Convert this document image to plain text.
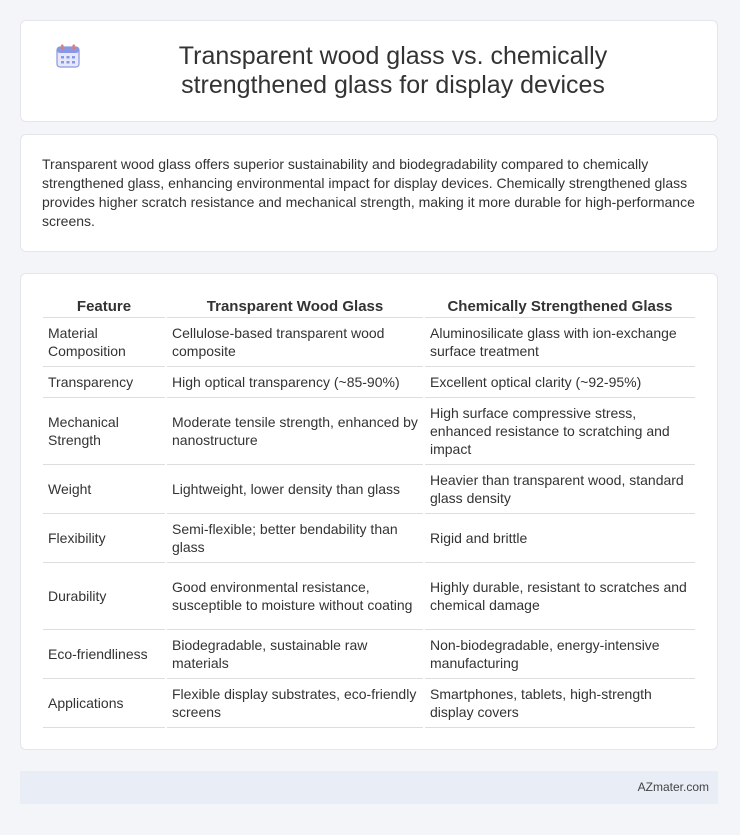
Transparent wood glass vs. chemically strengthened glass for display devices

Transparent wood glass offers superior sustainability and biodegradability compared to chemically strengthened glass, enhancing environmental impact for display devices. Chemically strengthened glass provides higher scratch resistance and mechanical strength, making it more durable for high-performance screens.

Feature	Transparent Wood Glass	Chemically Strengthened Glass
Material Composition	Cellulose-based transparent wood composite	Aluminosilicate glass with ion-exchange surface treatment
Transparency	High optical transparency (~85-90%)	Excellent optical clarity (~92-95%)
Mechanical Strength	Moderate tensile strength, enhanced by nanostructure	High surface compressive stress, enhanced resistance to scratching and impact
Weight	Lightweight, lower density than glass	Heavier than transparent wood, standard glass density
Flexibility	Semi-flexible; better bendability than glass	Rigid and brittle
Durability	Good environmental resistance, susceptible to moisture without coating	Highly durable, resistant to scratches and chemical damage
Eco-friendliness	Biodegradable, sustainable raw materials	Non-biodegradable, energy-intensive manufacturing
Applications	Flexible display substrates, eco-friendly screens	Smartphones, tablets, high-strength display covers
AZmater.com
